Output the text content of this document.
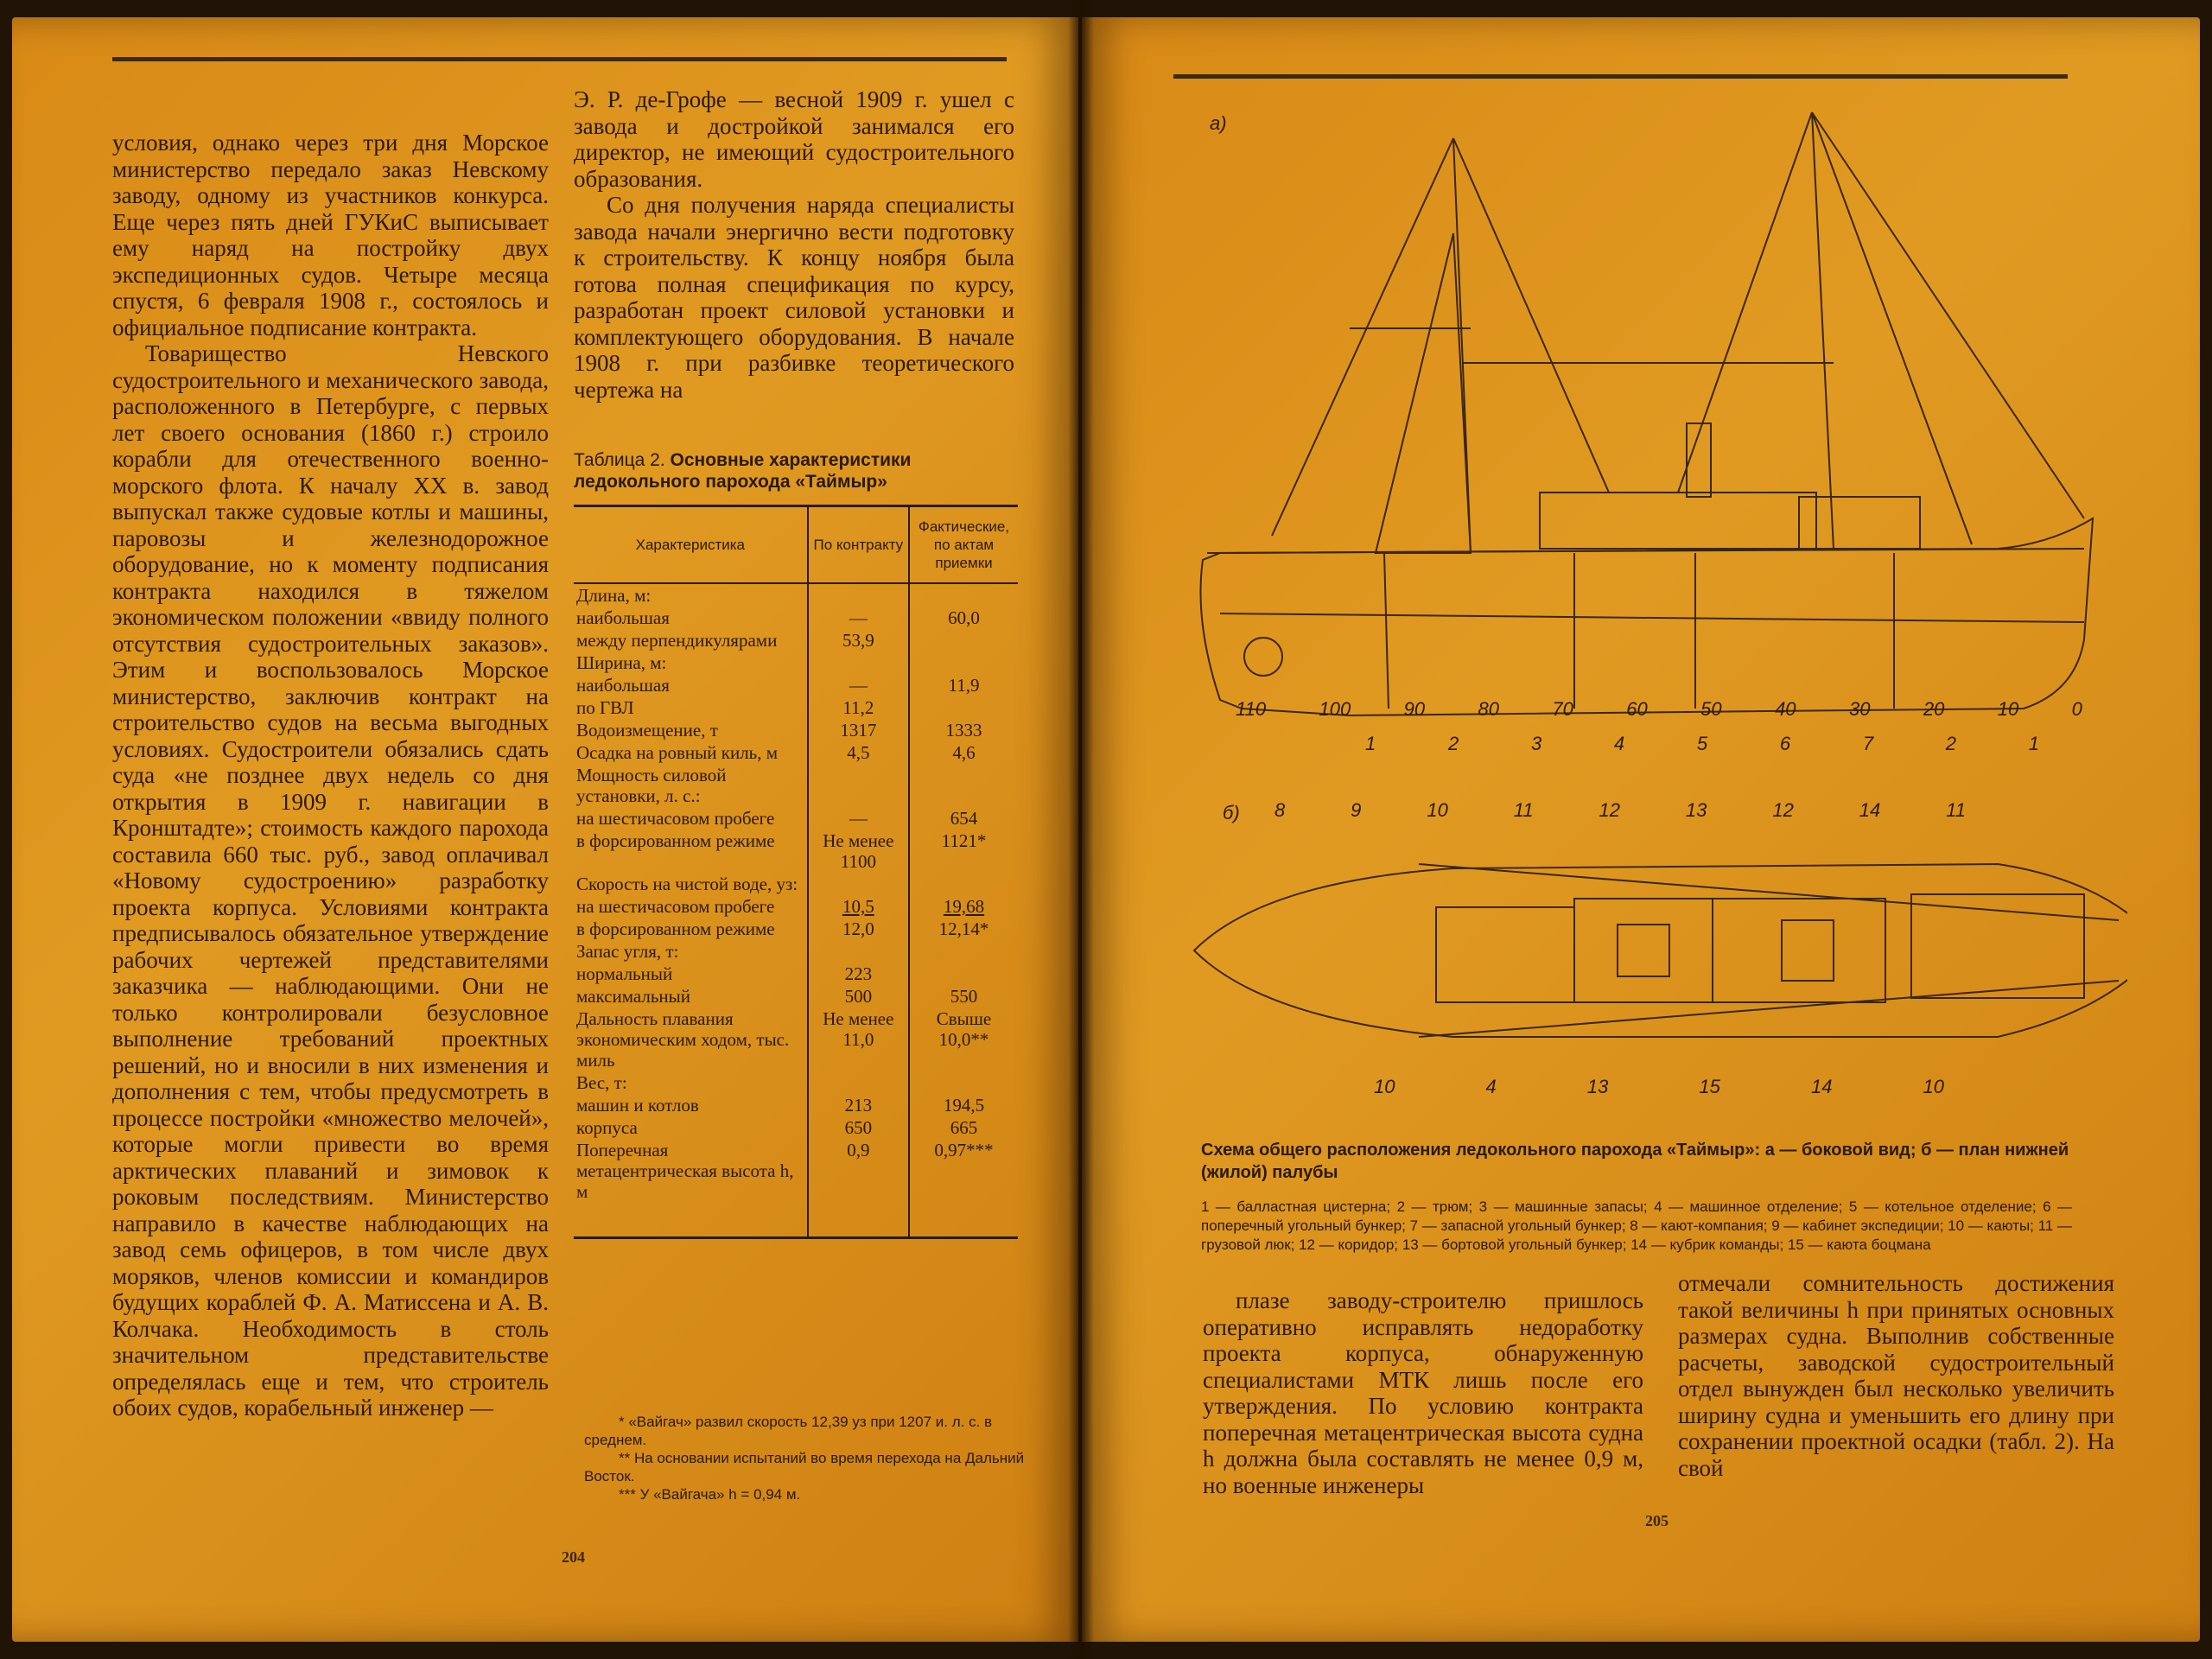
условия, однако через три дня Морское министерство передало заказ Невскому заводу, одному из участников конкурса. Еще через пять дней ГУКиС выписывает ему наряд на постройку двух экспедиционных судов. Четыре месяца спустя, 6 февраля 1908 г., состоялось и официальное подписание контракта.

Товарищество Невского судостроительного и механического завода, расположенного в Петербурге, с первых лет своего основания (1860 г.) строило корабли для отечественного военно-морского флота. К началу XX в. завод выпускал также судовые котлы и машины, паровозы и железнодорожное оборудование, но к моменту подписания контракта находился в тяжелом экономическом положении «ввиду полного отсутствия судостроительных заказов». Этим и воспользовалось Морское министерство, заключив контракт на строительство судов на весьма выгодных условиях. Судостроители обязались сдать суда «не позднее двух недель со дня открытия в 1909 г. навигации в Кронштадте»; стоимость каждого парохода составила 660 тыс. руб., завод оплачивал «Новому судостроению» разработку проекта корпуса. Условиями контракта предписывалось обязательное утверждение рабочих чертежей представителями заказчика — наблюдающими. Они не только контролировали безусловное выполнение требований проектных решений, но и вносили в них изменения и дополнения с тем, чтобы предусмотреть в процессе постройки «множество мелочей», которые могли привести во время арктических плаваний и зимовок к роковым последствиям. Министерство направило в качестве наблюдающих на завод семь офицеров, в том числе двух моряков, членов комиссии и командиров будущих кораблей Ф. А. Матиссена и А. В. Колчака. Необходимость в столь значительном представительстве определялась еще и тем, что строитель обоих судов, корабельный инженер —

Э. Р. де-Грофе — весной 1909 г. ушел с завода и достройкой занимался его директор, не имеющий судостроительного образования.

Со дня получения наряда специалисты завода начали энергично вести подготовку к строительству. К концу ноября была готова полная спецификация по курсу, разработан проект силовой установки и комплектующего оборудования. В начале 1908 г. при разбивке теоретического чертежа на

Таблица 2. Основные характеристики ледокольного парохода «Таймыр»
Характеристика	По контракту	Фактические, по актам приемки
Длина, м:		
наибольшая	—	60,0
между перпендикулярами	53,9	
Ширина, м:		
наибольшая	—	11,9
по ГВЛ	11,2	
Водоизмещение, т	1317	1333
Осадка на ровный киль, м	4,5	4,6
Мощность силовой установки, л. с.:		
на шестичасовом пробеге	—	654
в форсированном режиме	Не менее 1100	1121*
Скорость на чистой воде, уз:		
на шестичасовом пробеге	10,5	19,68
в форсированном режиме	12,0	12,14*
Запас угля, т:		
нормальный	223	
максимальный	500	550
Дальность плавания экономическим ходом, тыс. миль	Не менее 11,0	Свыше 10,0**
Вес, т:		
машин и котлов	213	194,5
корпуса	650	665
Поперечная метацентрическая высота h, м	0,9	0,97***
* «Вайгач» развил скорость 12,39 уз при 1207 и. л. с. в среднем.
** На основании испытаний во время перехода на Дальний Восток.
*** У «Вайгача» h = 0,94 м.
204
а)
б)
110	100	90	80	70	60	50	40	30	20	10	0
1	2	3	4	5	6	7	2	1
8	9	10	11	12	13	12	14	11
10	4	13	15	14	10
Схема общего расположения ледокольного парохода «Таймыр»: а — боковой вид; б — план нижней (жилой) палубы
1 — балластная цистерна; 2 — трюм; 3 — машинные запасы; 4 — машинное отделение; 5 — котельное отделение; 6 — поперечный угольный бункер; 7 — запасной угольный бункер; 8 — кают-компания; 9 — кабинет экспедиции; 10 — каюты; 11 — грузовой люк; 12 — коридор; 13 — бортовой угольный бункер; 14 — кубрик команды; 15 — каюта боцмана

плазе заводу-строителю пришлось оперативно исправлять недоработку проекта корпуса, обнаруженную специалистами МТК лишь после его утверждения. По условию контракта поперечная метацентрическая высота судна h должна была составлять не менее 0,9 м, но военные инженеры

отмечали сомнительность достижения такой величины h при принятых основных размерах судна. Выполнив собственные расчеты, заводской судостроительный отдел вынужден был несколько увеличить ширину судна и уменьшить его длину при сохранении проектной осадки (табл. 2). На свой

205
